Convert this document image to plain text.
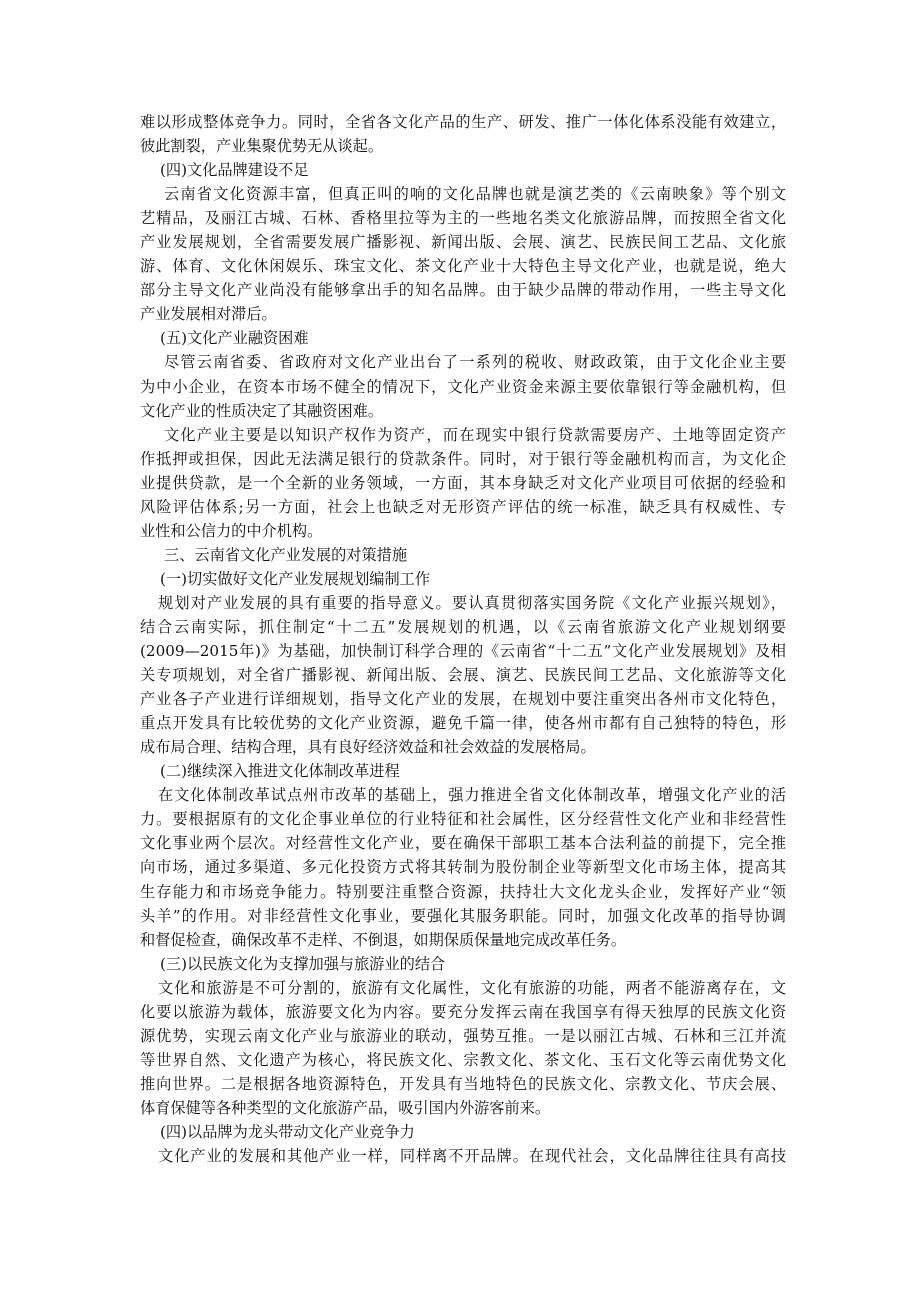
难以形成整体竞争力。同时，全省各文化产品的生产、研发、推广一体化体系没能有效建立，
彼此割裂，产业集聚优势无从谈起。
(四)文化品牌建设不足
云南省文化资源丰富，但真正叫的响的文化品牌也就是演艺类的《云南映象》等个别文
艺精品，及丽江古城、石林、香格里拉等为主的一些地名类文化旅游品牌，而按照全省文化
产业发展规划，全省需要发展广播影视、新闻出版、会展、演艺、民族民间工艺品、文化旅
游、体育、文化休闲娱乐、珠宝文化、茶文化产业十大特色主导文化产业，也就是说，绝大
部分主导文化产业尚没有能够拿出手的知名品牌。由于缺少品牌的带动作用，一些主导文化
产业发展相对滞后。
(五)文化产业融资困难
尽管云南省委、省政府对文化产业出台了一系列的税收、财政政策，由于文化企业主要
为中小企业，在资本市场不健全的情况下，文化产业资金来源主要依靠银行等金融机构，但
文化产业的性质决定了其融资困难。
文化产业主要是以知识产权作为资产，而在现实中银行贷款需要房产、土地等固定资产
作抵押或担保，因此无法满足银行的贷款条件。同时，对于银行等金融机构而言，为文化企
业提供贷款，是一个全新的业务领域，一方面，其本身缺乏对文化产业项目可依据的经验和
风险评估体系;另一方面，社会上也缺乏对无形资产评估的统一标准，缺乏具有权威性、专
业性和公信力的中介机构。
三、云南省文化产业发展的对策措施
(一)切实做好文化产业发展规划编制工作
规划对产业发展的具有重要的指导意义。要认真贯彻落实国务院《文化产业振兴规划》，
结合云南实际，抓住制定“十二五”发展规划的机遇，以《云南省旅游文化产业规划纲要
(2009—2015年)》为基础，加快制订科学合理的《云南省“十二五”文化产业发展规划》及相
关专项规划，对全省广播影视、新闻出版、会展、演艺、民族民间工艺品、文化旅游等文化
产业各子产业进行详细规划，指导文化产业的发展，在规划中要注重突出各州市文化特色，
重点开发具有比较优势的文化产业资源，避免千篇一律，使各州市都有自己独特的特色，形
成布局合理、结构合理，具有良好经济效益和社会效益的发展格局。
(二)继续深入推进文化体制改革进程
在文化体制改革试点州市改革的基础上，强力推进全省文化体制改革，增强文化产业的活
力。要根据原有的文化企事业单位的行业特征和社会属性，区分经营性文化产业和非经营性
文化事业两个层次。对经营性文化产业，要在确保干部职工基本合法利益的前提下，完全推
向市场，通过多渠道、多元化投资方式将其转制为股份制企业等新型文化市场主体，提高其
生存能力和市场竞争能力。特别要注重整合资源，扶持壮大文化龙头企业，发挥好产业“领
头羊”的作用。对非经营性文化事业，要强化其服务职能。同时，加强文化改革的指导协调
和督促检查，确保改革不走样、不倒退，如期保质保量地完成改革任务。
(三)以民族文化为支撑加强与旅游业的结合
文化和旅游是不可分割的，旅游有文化属性，文化有旅游的功能，两者不能游离存在，文
化要以旅游为载体，旅游要文化为内容。要充分发挥云南在我国享有得天独厚的民族文化资
源优势，实现云南文化产业与旅游业的联动，强势互推。一是以丽江古城、石林和三江并流
等世界自然、文化遗产为核心，将民族文化、宗教文化、茶文化、玉石文化等云南优势文化
推向世界。二是根据各地资源特色，开发具有当地特色的民族文化、宗教文化、节庆会展、
体育保健等各种类型的文化旅游产品，吸引国内外游客前来。
(四)以品牌为龙头带动文化产业竞争力
文化产业的发展和其他产业一样，同样离不开品牌。在现代社会，文化品牌往往具有高技
